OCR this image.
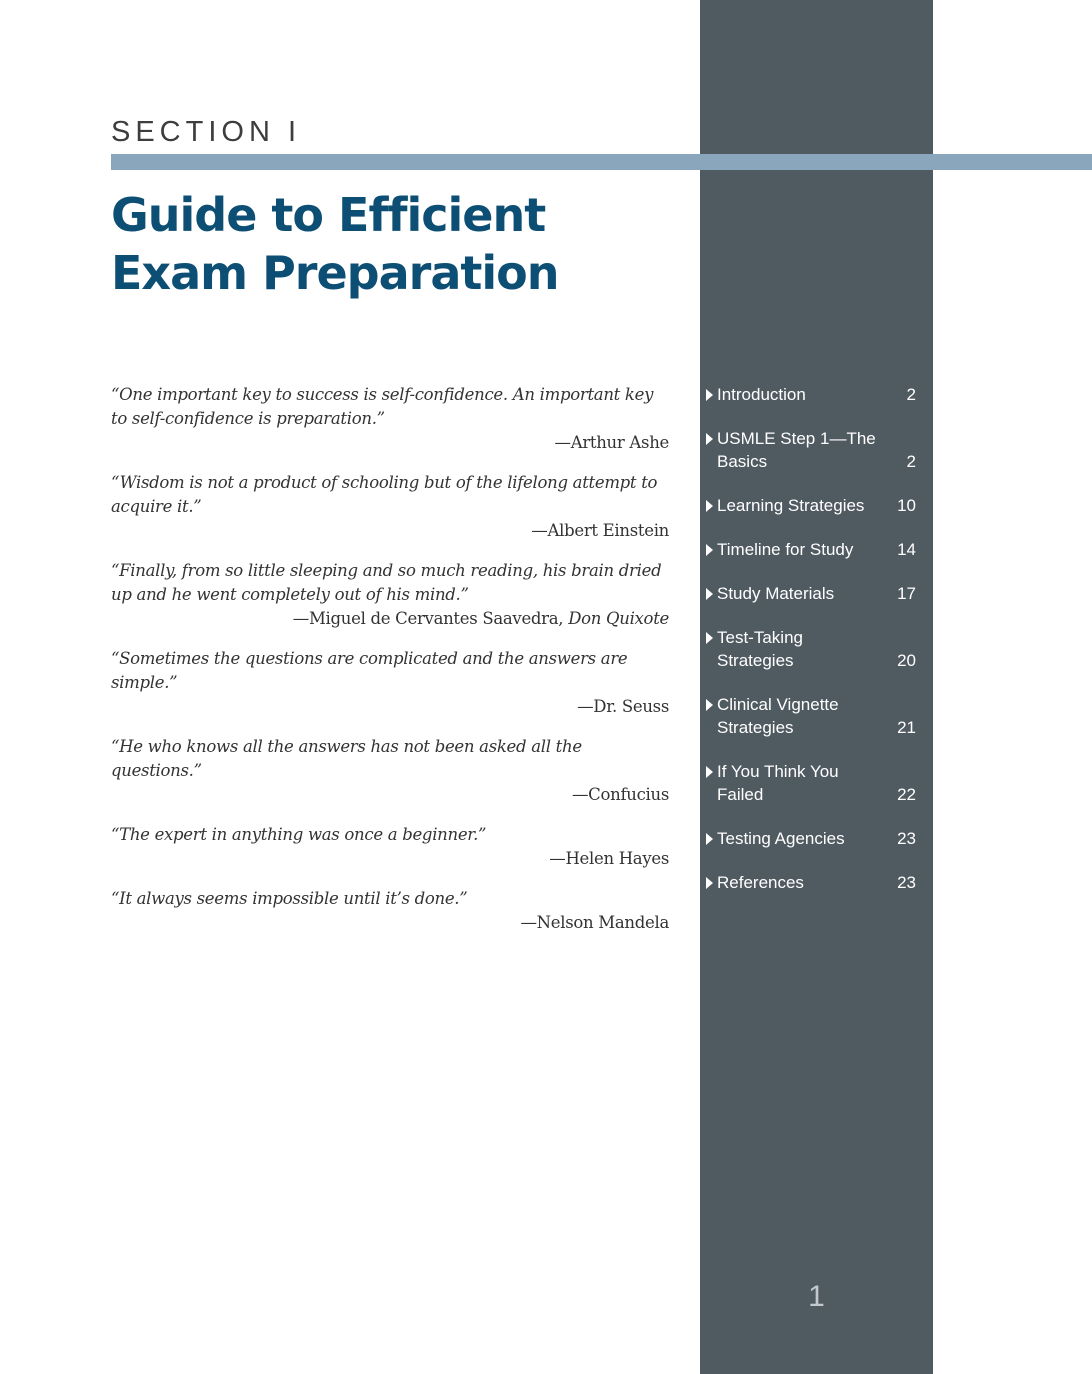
SECTION I
Guide to Efficient
Exam Preparation
“One important key to success is self-confidence. An important key to self-confidence is preparation.”
—Arthur Ashe
“Wisdom is not a product of schooling but of the lifelong attempt to acquire it.”
—Albert Einstein
“Finally, from so little sleeping and so much reading, his brain dried up and he went completely out of his mind.”
—Miguel de Cervantes Saavedra, Don Quixote
“Sometimes the questions are complicated and the answers are simple.”
—Dr. Seuss
“He who knows all the answers has not been asked all the questions.”
—Confucius
“The expert in anything was once a beginner.”
—Helen Hayes
“It always seems impossible until it’s done.”
—Nelson Mandela
Introduction	2
USMLE Step 1—The Basics	2
Learning Strategies 10
Timeline for Study	14
Study Materials	17
Test-Taking Strategies	20
Clinical Vignette Strategies	21
If You Think You Failed	22
Testing Agencies	23
References	23
1
